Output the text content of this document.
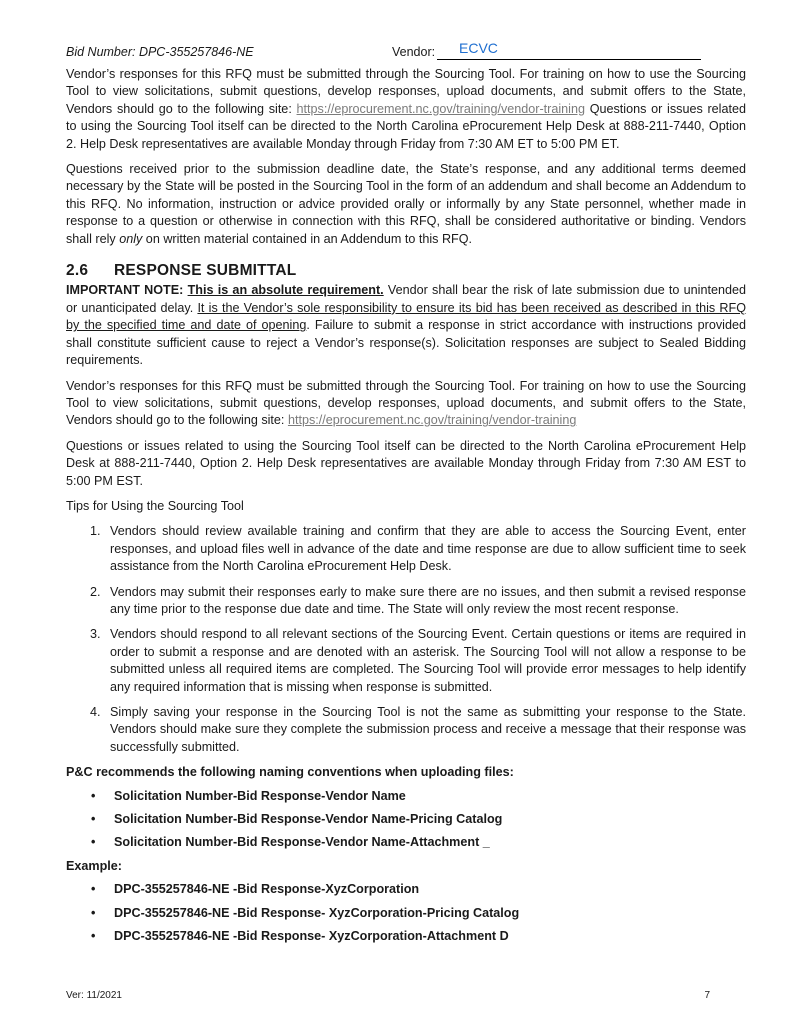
Bid Number: DPC-355257846-NE	Vendor: ECVC

Vendor’s responses for this RFQ must be submitted through the Sourcing Tool. For training on how to use the Sourcing Tool to view solicitations, submit questions, develop responses, upload documents, and submit offers to the State, Vendors should go to the following site: https://eprocurement.nc.gov/training/vendor-training Questions or issues related to using the Sourcing Tool itself can be directed to the North Carolina eProcurement Help Desk at 888-211-7440, Option 2. Help Desk representatives are available Monday through Friday from 7:30 AM ET to 5:00 PM ET.

Questions received prior to the submission deadline date, the State’s response, and any additional terms deemed necessary by the State will be posted in the Sourcing Tool in the form of an addendum and shall become an Addendum to this RFQ. No information, instruction or advice provided orally or informally by any State personnel, whether made in response to a question or otherwise in connection with this RFQ, shall be considered authoritative or binding. Vendors shall rely only on written material contained in an Addendum to this RFQ.

2.6 RESPONSE SUBMITTAL

IMPORTANT NOTE: This is an absolute requirement. Vendor shall bear the risk of late submission due to unintended or unanticipated delay. It is the Vendor’s sole responsibility to ensure its bid has been received as described in this RFQ by the specified time and date of opening. Failure to submit a response in strict accordance with instructions provided shall constitute sufficient cause to reject a Vendor’s response(s). Solicitation responses are subject to Sealed Bidding requirements.

Vendor’s responses for this RFQ must be submitted through the Sourcing Tool. For training on how to use the Sourcing Tool to view solicitations, submit questions, develop responses, upload documents, and submit offers to the State, Vendors should go to the following site: https://eprocurement.nc.gov/training/vendor-training

Questions or issues related to using the Sourcing Tool itself can be directed to the North Carolina eProcurement Help Desk at 888-211-7440, Option 2. Help Desk representatives are available Monday through Friday from 7:30 AM EST to 5:00 PM EST.

Tips for Using the Sourcing Tool

1. Vendors should review available training and confirm that they are able to access the Sourcing Event, enter responses, and upload files well in advance of the date and time response are due to allow sufficient time to seek assistance from the North Carolina eProcurement Help Desk.
2. Vendors may submit their responses early to make sure there are no issues, and then submit a revised response any time prior to the response due date and time. The State will only review the most recent response.
3. Vendors should respond to all relevant sections of the Sourcing Event. Certain questions or items are required in order to submit a response and are denoted with an asterisk. The Sourcing Tool will not allow a response to be submitted unless all required items are completed. The Sourcing Tool will provide error messages to help identify any required information that is missing when response is submitted.
4. Simply saving your response in the Sourcing Tool is not the same as submitting your response to the State. Vendors should make sure they complete the submission process and receive a message that their response was successfully submitted.
P&C recommends the following naming conventions when uploading files:
• Solicitation Number-Bid Response-Vendor Name
• Solicitation Number-Bid Response-Vendor Name-Pricing Catalog
• Solicitation Number-Bid Response-Vendor Name-Attachment _
Example:
• DPC-355257846-NE -Bid Response-XyzCorporation
• DPC-355257846-NE -Bid Response- XyzCorporation-Pricing Catalog
• DPC-355257846-NE -Bid Response- XyzCorporation-Attachment D
Ver: 11/2021	7
